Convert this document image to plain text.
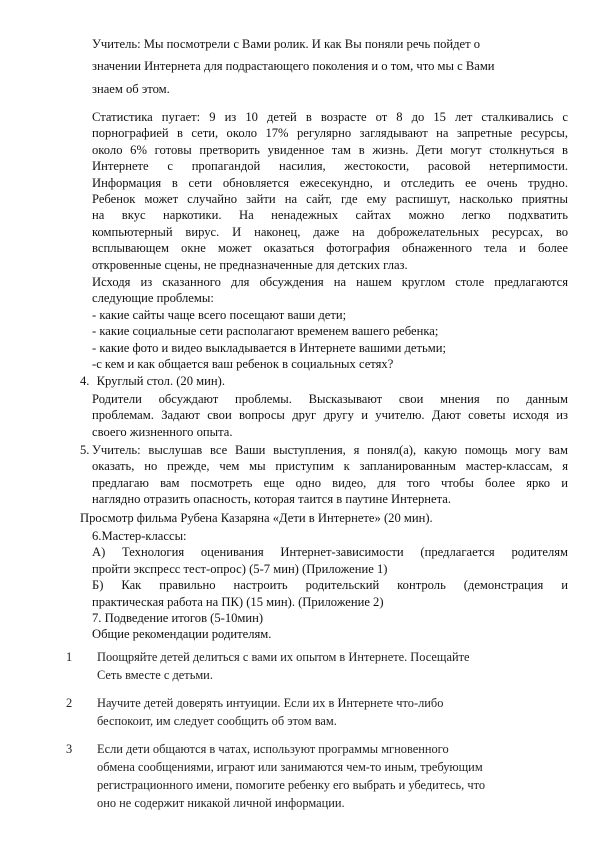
Учитель: Мы посмотрели с Вами ролик. И как Вы поняли речь пойдет о
значении Интернета для подрастающего поколения и о том, что мы с Вами
знаем об этом.
Статистика пугает: 9 из 10 детей в возрасте от 8 до 15 лет сталкивались с
порнографией в сети, около 17% регулярно заглядывают на запретные ресурсы,
около 6% готовы претворить увиденное там в жизнь. Дети могут столкнуться в
Интернете с пропагандой насилия, жестокости, расовой нетерпимости.
Информация в сети обновляется ежесекундно, и отследить ее очень трудно.
Ребенок может случайно зайти на сайт, где ему распишут, насколько приятны
на вкус наркотики. На ненадежных сайтах можно легко подхватить
компьютерный вирус. И наконец, даже на доброжелательных ресурсах, во
всплывающем окне может оказаться фотография обнаженного тела и более
откровенные сцены, не предназначенные для детских глаз.
Исходя из сказанного для обсуждения на нашем круглом столе предлагаются
следующие проблемы:
- какие сайты чаще всего посещают ваши дети;
- какие социальные сети располагают временем вашего ребенка;
- какие фото и видео выкладывается в Интернете вашими детьми;
-с кем и как общается ваш ребенок в социальных сетях?
4. Круглый стол. (20 мин).
Родители обсуждают проблемы. Высказывают свои мнения по данным
проблемам. Задают свои вопросы друг другу и учителю. Дают советы исходя из
своего жизненного опыта.
5. Учитель: выслушав все Ваши выступления, я понял(а), какую помощь могу вам
оказать, но прежде, чем мы приступим к запланированным мастер-классам, я
предлагаю вам посмотреть еще одно видео, для того чтобы более ярко и
наглядно отразить опасность, которая таится в паутине Интернета.
Просмотр фильма Рубена Казаряна «Дети в Интернете» (20 мин).
6.Мастер-классы:
А) Технология оценивания Интернет-зависимости (предлагается родителям
пройти экспресс тест-опрос) (5-7 мин) (Приложение 1)
Б) Как правильно настроить родительский контроль (демонстрация и
практическая работа на ПК) (15 мин). (Приложение 2)
7. Подведение итогов (5-10мин)
Общие рекомендации родителям.
1 Поощряйте детей делиться с вами их опытом в Интернете. Посещайте
Сеть вместе с детьми.
2 Научите детей доверять интуиции. Если их в Интернете что-либо
беспокоит, им следует сообщить об этом вам.
3 Если дети общаются в чатах, используют программы мгновенного
обмена сообщениями, играют или занимаются чем-то иным, требующим
регистрационного имени, помогите ребенку его выбрать и убедитесь, что
оно не содержит никакой личной информации.
